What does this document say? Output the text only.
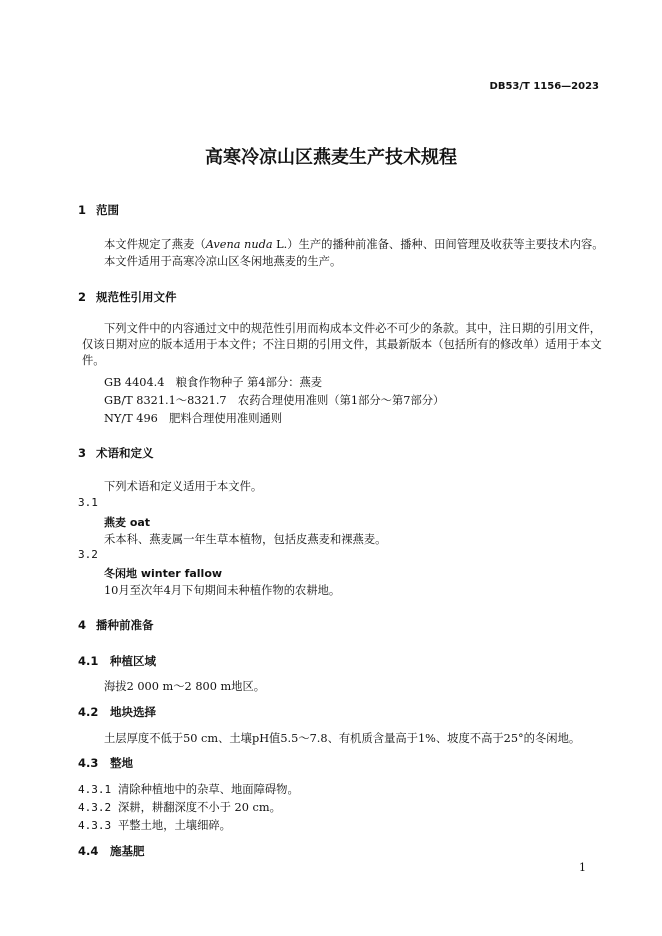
DB53/T 1156—2023
高寒冷凉山区燕麦生产技术规程
1 范围
本文件规定了燕麦（Avena nuda L.）生产的播种前准备、播种、田间管理及收获等主要技术内容。
本文件适用于高寒冷凉山区冬闲地燕麦的生产。
2 规范性引用文件
下列文件中的内容通过文中的规范性引用而构成本文件必不可少的条款。其中，注日期的引用文件，仅该日期对应的版本适用于本文件；不注日期的引用文件，其最新版本（包括所有的修改单）适用于本文件。
GB 4404.4　粮食作物种子 第4部分：燕麦
GB/T 8321.1～8321.7　农药合理使用准则（第1部分～第7部分）
NY/T 496　肥料合理使用准则通则
3 术语和定义
下列术语和定义适用于本文件。
3.1
燕麦 oat
禾本科、燕麦属一年生草本植物，包括皮燕麦和裸燕麦。
3.2
冬闲地 winter fallow
10月至次年4月下旬期间未种植作物的农耕地。
4 播种前准备
4.1 种植区域
海拔2 000 m～2 800 m地区。
4.2 地块选择
土层厚度不低于50 cm、土壤pH值5.5～7.8、有机质含量高于1%、坡度不高于25°的冬闲地。
4.3 整地
4.3.1 清除种植地中的杂草、地面障碍物。
4.3.2 深耕，耕翻深度不小于 20 cm。
4.3.3 平整土地，土壤细碎。
4.4 施基肥
1
